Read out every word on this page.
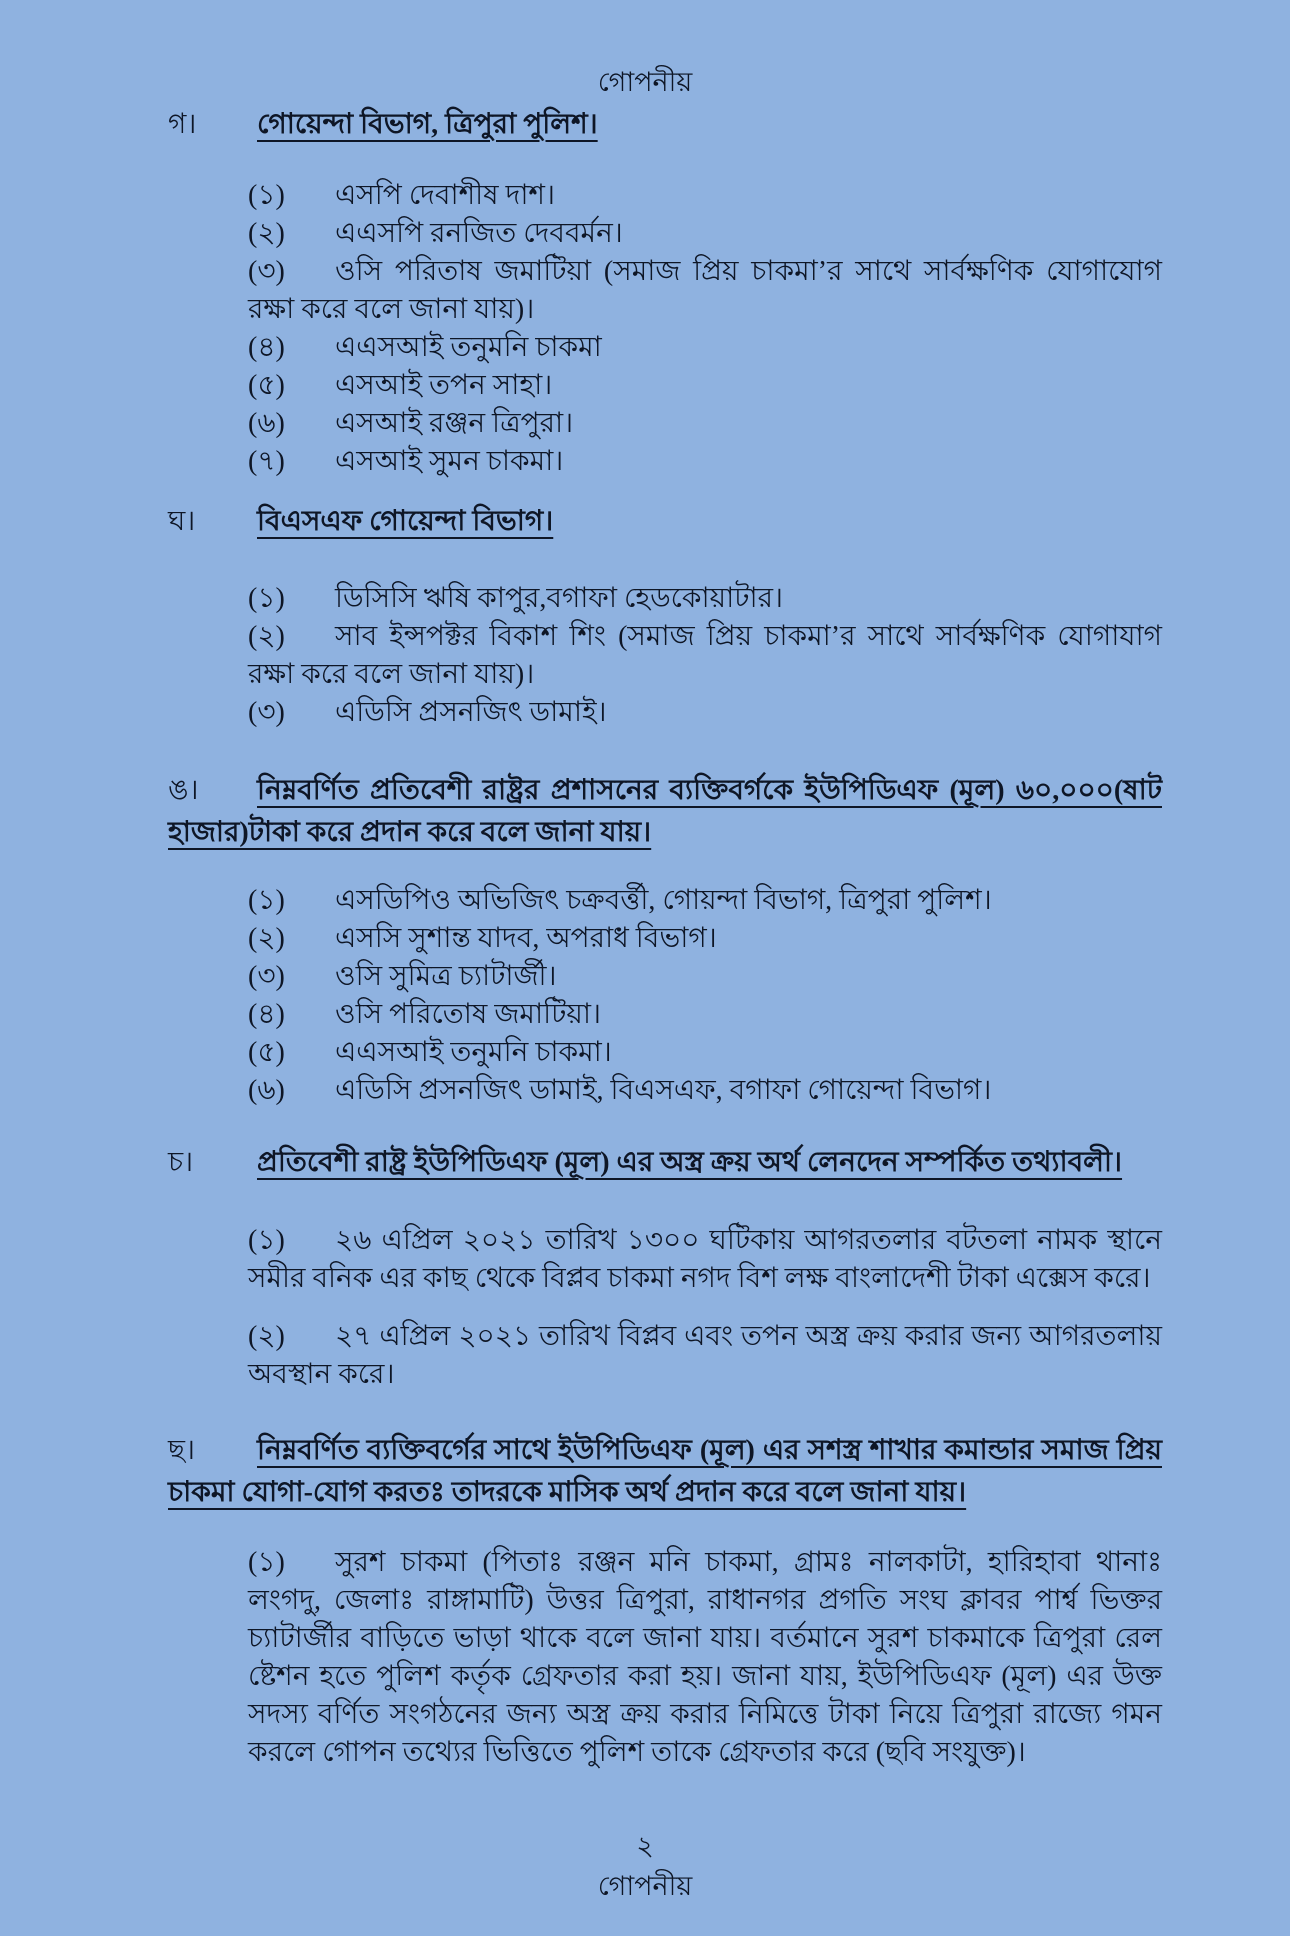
গোপনীয়
গ। গোয়েন্দা বিভাগ, ত্রিপুরা পুলিশ।
(১) এসপি দেবাশীষ দাশ।
(২) এএসপি রনজিত দেববর্মন।
(৩) ওসি পরিতাষ জমাটিয়া (সমাজ প্রিয় চাকমা’র সাথে সার্বক্ষণিক যোগাযোগ রক্ষা করে বলে জানা যায়)।
(৪) এএসআই তনুমনি চাকমা
(৫) এসআই তপন সাহা।
(৬) এসআই রঞ্জন ত্রিপুরা।
(৭) এসআই সুমন চাকমা।
ঘ। বিএসএফ গোয়েন্দা বিভাগ।
(১) ডিসিসি ঋষি কাপুর,বগাফা হেডকোয়াটার।
(২) সাব ইন্সপক্টর বিকাশ শিং (সমাজ প্রিয় চাকমা’র সাথে সার্বক্ষণিক যোগাযাগ রক্ষা করে বলে জানা যায়)।
(৩) এডিসি প্রসনজিৎ ডামাই।
ঙ। নিম্নবর্ণিত প্রতিবেশী রাষ্ট্রর প্রশাসনের ব্যক্তিবর্গকে ইউপিডিএফ (মূল) ৬০,০০০(ষাট হাজার)টাকা করে প্রদান করে বলে জানা যায়।
(১) এসডিপিও অভিজিৎ চক্রবর্ত্তী, গোয়ন্দা বিভাগ, ত্রিপুরা পুলিশ।
(২) এসসি সুশান্ত যাদব, অপরাধ বিভাগ।
(৩) ওসি সুমিত্র চ্যাটার্জী।
(৪) ওসি পরিতোষ জমাটিয়া।
(৫) এএসআই তনুমনি চাকমা।
(৬) এডিসি প্রসনজিৎ ডামাই, বিএসএফ, বগাফা গোয়েন্দা বিভাগ।
চ। প্রতিবেশী রাষ্ট্র ইউপিডিএফ (মূল) এর অস্ত্র ক্রয় অর্থ লেনদেন সম্পর্কিত তথ্যাবলী।
(১) ২৬ এপ্রিল ২০২১ তারিখ ১৩০০ ঘটিকায় আগরতলার বটতলা নামক স্থানে সমীর বনিক এর কাছ থেকে বিপ্লব চাকমা নগদ বিশ লক্ষ বাংলাদেশী টাকা এক্সেস করে।
(২) ২৭ এপ্রিল ২০২১ তারিখ বিপ্লব এবং তপন অস্ত্র ক্রয় করার জন্য আগরতলায় অবস্থান করে।
ছ। নিম্নবর্ণিত ব্যক্তিবর্গের সাথে ইউপিডিএফ (মূল) এর সশস্ত্র শাখার কমান্ডার সমাজ প্রিয় চাকমা যোগা-যোগ করতঃ তাদরকে মাসিক অর্থ প্রদান করে বলে জানা যায়।
(১) সুরশ চাকমা (পিতাঃ রঞ্জন মনি চাকমা, গ্রামঃ নালকাটা, হারিহাবা থানাঃ লংগদু, জেলাঃ রাঙ্গামাটি) উত্তর ত্রিপুরা, রাধানগর প্রগতি সংঘ ক্লাবর পার্শ্ব ভিক্তর চ্যাটার্জীর বাড়িতে ভাড়া থাকে বলে জানা যায়। বর্তমানে সুরশ চাকমাকে ত্রিপুরা রেল ষ্টেশন হতে পুলিশ কর্তৃক গ্রেফতার করা হয়। জানা যায়, ইউপিডিএফ (মূল) এর উক্ত সদস্য বর্ণিত সংগঠনের জন্য অস্ত্র ক্রয় করার নিমিত্তে টাকা নিয়ে ত্রিপুরা রাজ্যে গমন করলে গোপন তথ্যের ভিত্তিতে পুলিশ তাকে গ্রেফতার করে (ছবি সংযুক্ত)।
২
গোপনীয়
